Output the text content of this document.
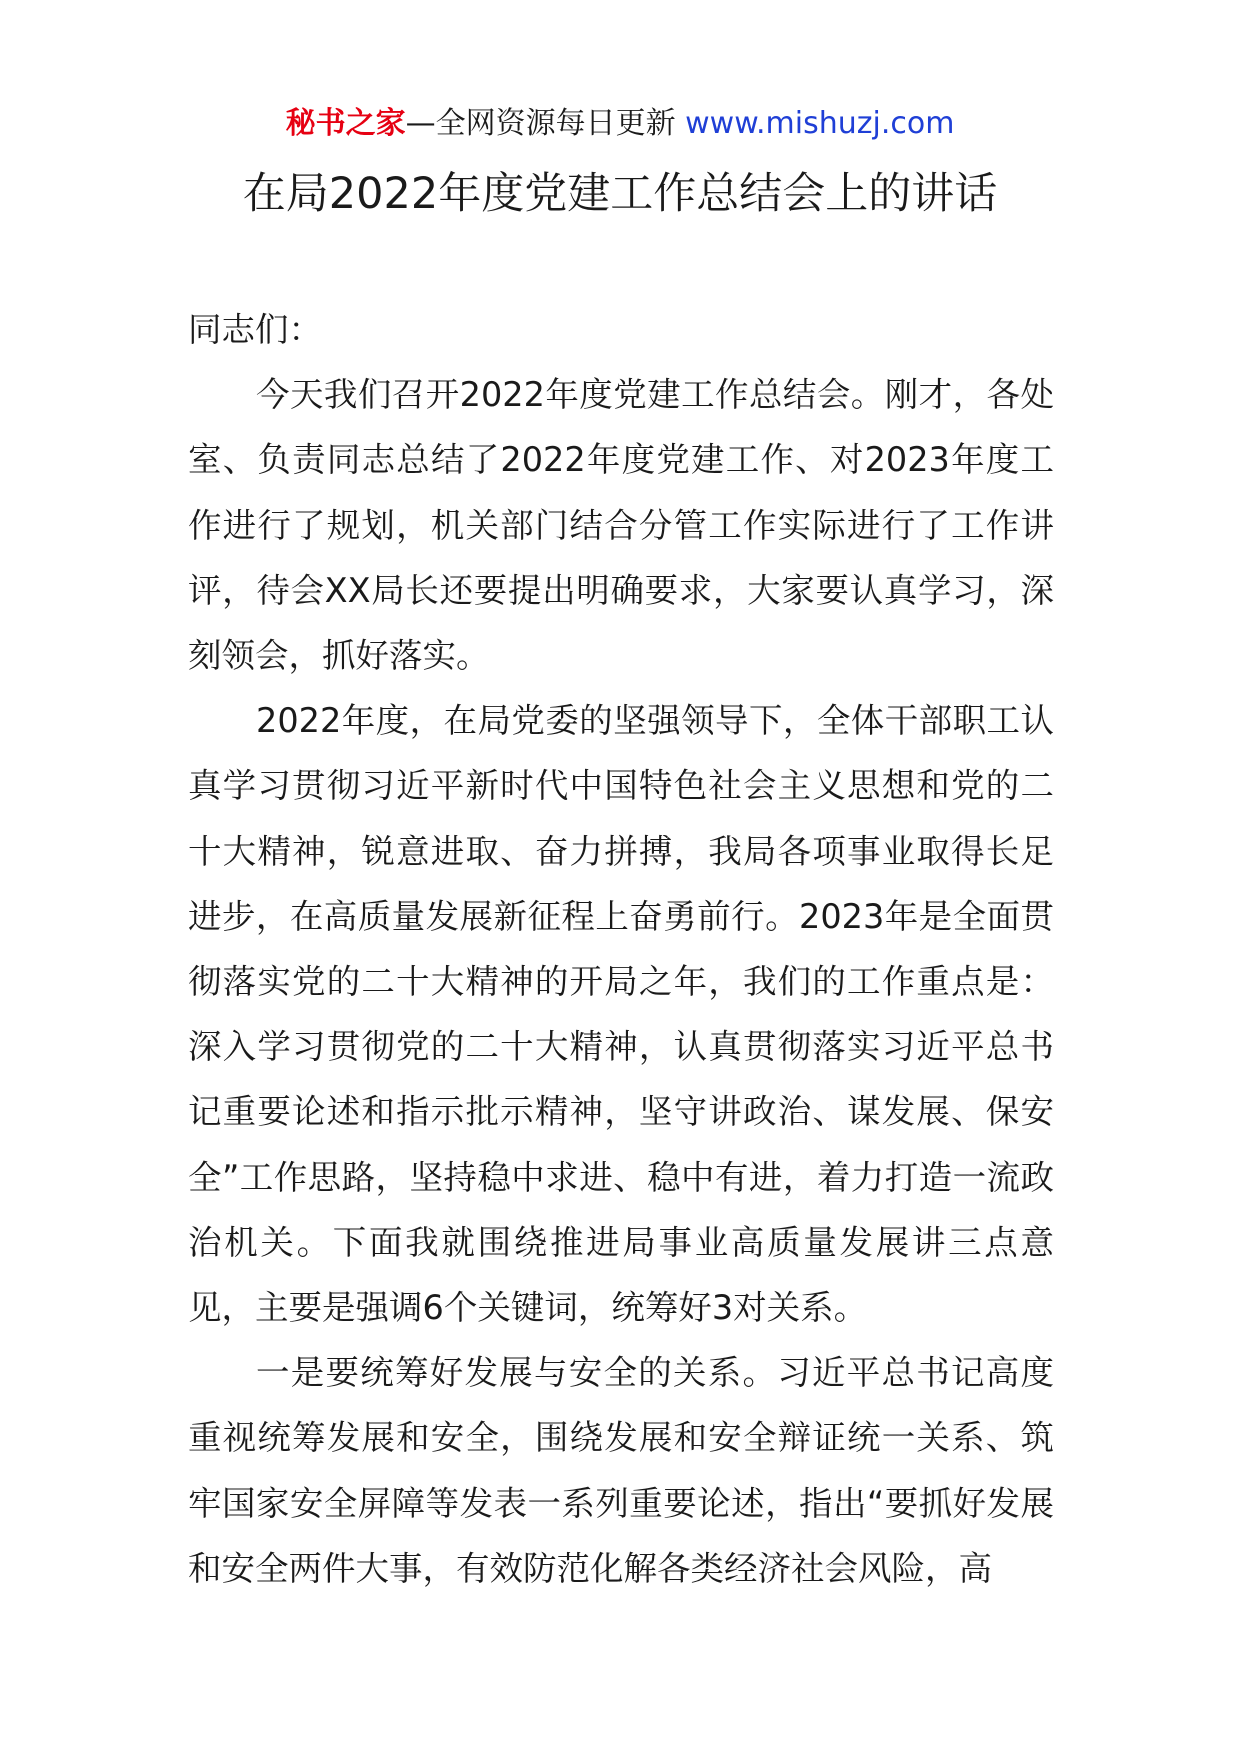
秘书之家—全网资源每日更新 www.mishuzj.com
在局2022年度党建工作总结会上的讲话

同志们：

今天我们召开2022年度党建工作总结会。刚才，各处室、负责同志总结了2022年度党建工作、对2023年度工作进行了规划，机关部门结合分管工作实际进行了工作讲评，待会XX局长还要提出明确要求，大家要认真学习，深刻领会，抓好落实。

2022年度，在局党委的坚强领导下，全体干部职工认真学习贯彻习近平新时代中国特色社会主义思想和党的二十大精神，锐意进取、奋力拼搏，我局各项事业取得长足进步，在高质量发展新征程上奋勇前行。2023年是全面贯彻落实党的二十大精神的开局之年，我们的工作重点是：深入学习贯彻党的二十大精神，认真贯彻落实习近平总书记重要论述和指示批示精神，坚守讲政治、谋发展、保安全”工作思路，坚持稳中求进、稳中有进，着力打造一流政治机关。下面我就围绕推进局事业高质量发展讲三点意见，主要是强调6个关键词，统筹好3对关系。

一是要统筹好发展与安全的关系。习近平总书记高度重视统筹发展和安全，围绕发展和安全辩证统一关系、筑牢国家安全屏障等发表一系列重要论述，指出“要抓好发展和安全两件大事，有效防范化解各类经济社会风险，高
